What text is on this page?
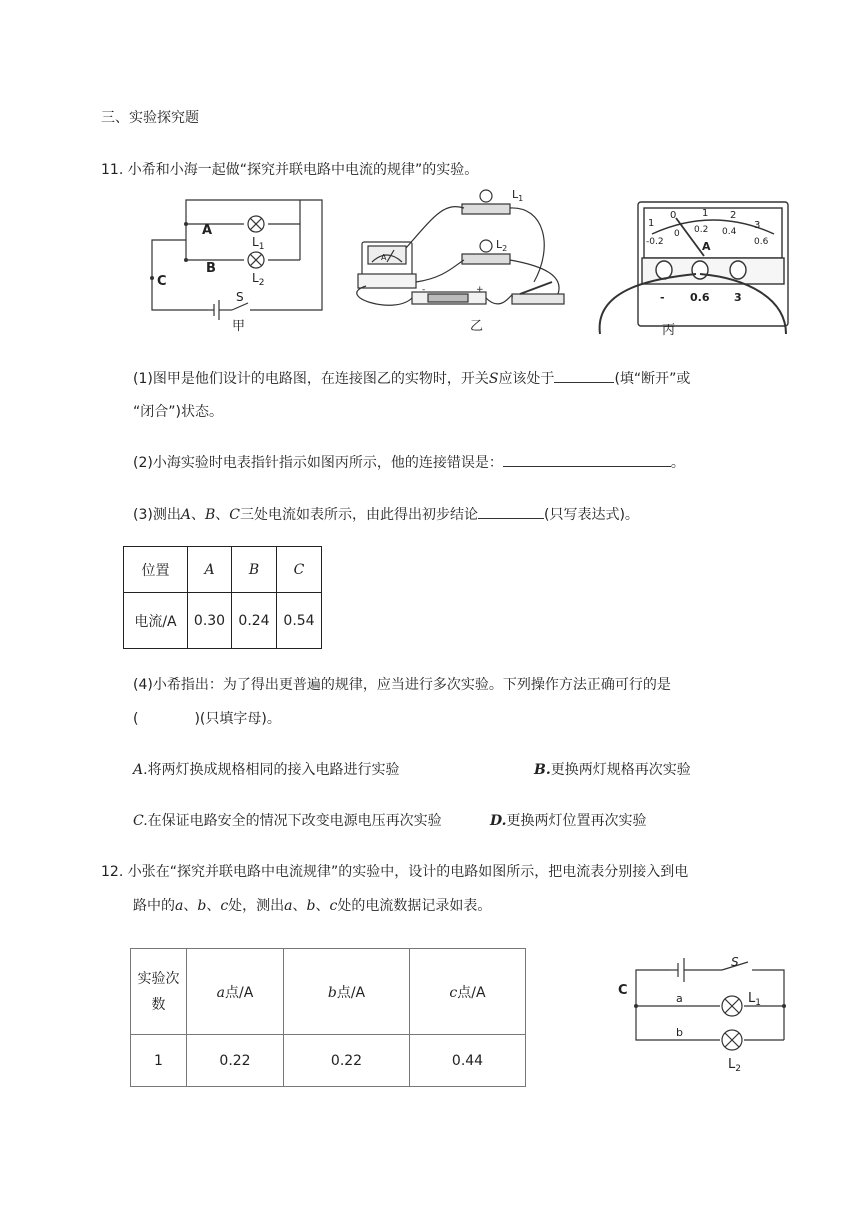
三、实验探究题
11. 小希和小海一起做“探究并联电路中电流的规律”的实验。
A
B
C
$L_1$
$L_2$
S
甲
A
$L_1$
$L_2$
-	+
乙
1
0	1 2
3
-0.2
0 0.2 0.4
0.6
A
- 0.6 3
丙
(1)图甲是他们设计的电路图，在连接图乙的实物时，开关S应该处于	(填“断开”或
“闭合”)状态。
(2)小海实验时电表指针指示如图丙所示，他的连接错误是：	。
(3)测出A、B、C三处电流如表所示，由此得出初步结论	(只写表达式)。
位置	A	B	C
电流/A	0.30	0.24	0.54
(4)小希指出：为了得出更普遍的规律，应当进行多次实验。下列操作方法正确可行的是
(	)(只填字母)。
A.将两灯换成规格相同的接入电路进行实验	B.更换两灯规格再次实验
C.在保证电路安全的情况下改变电源电压再次实验	D.更换两灯位置再次实验
12. 小张在“探究并联电路中电流规律”的实验中，设计的电路如图所示，把电流表分别接入到电
路中的a、b、c处，测出a、b、c处的电流数据记录如表。
实验次
数	a点/A	b点/A	c点/A
1	0.22	0.22	0.44
S
C
a
b
$L_1$
$L_2$
